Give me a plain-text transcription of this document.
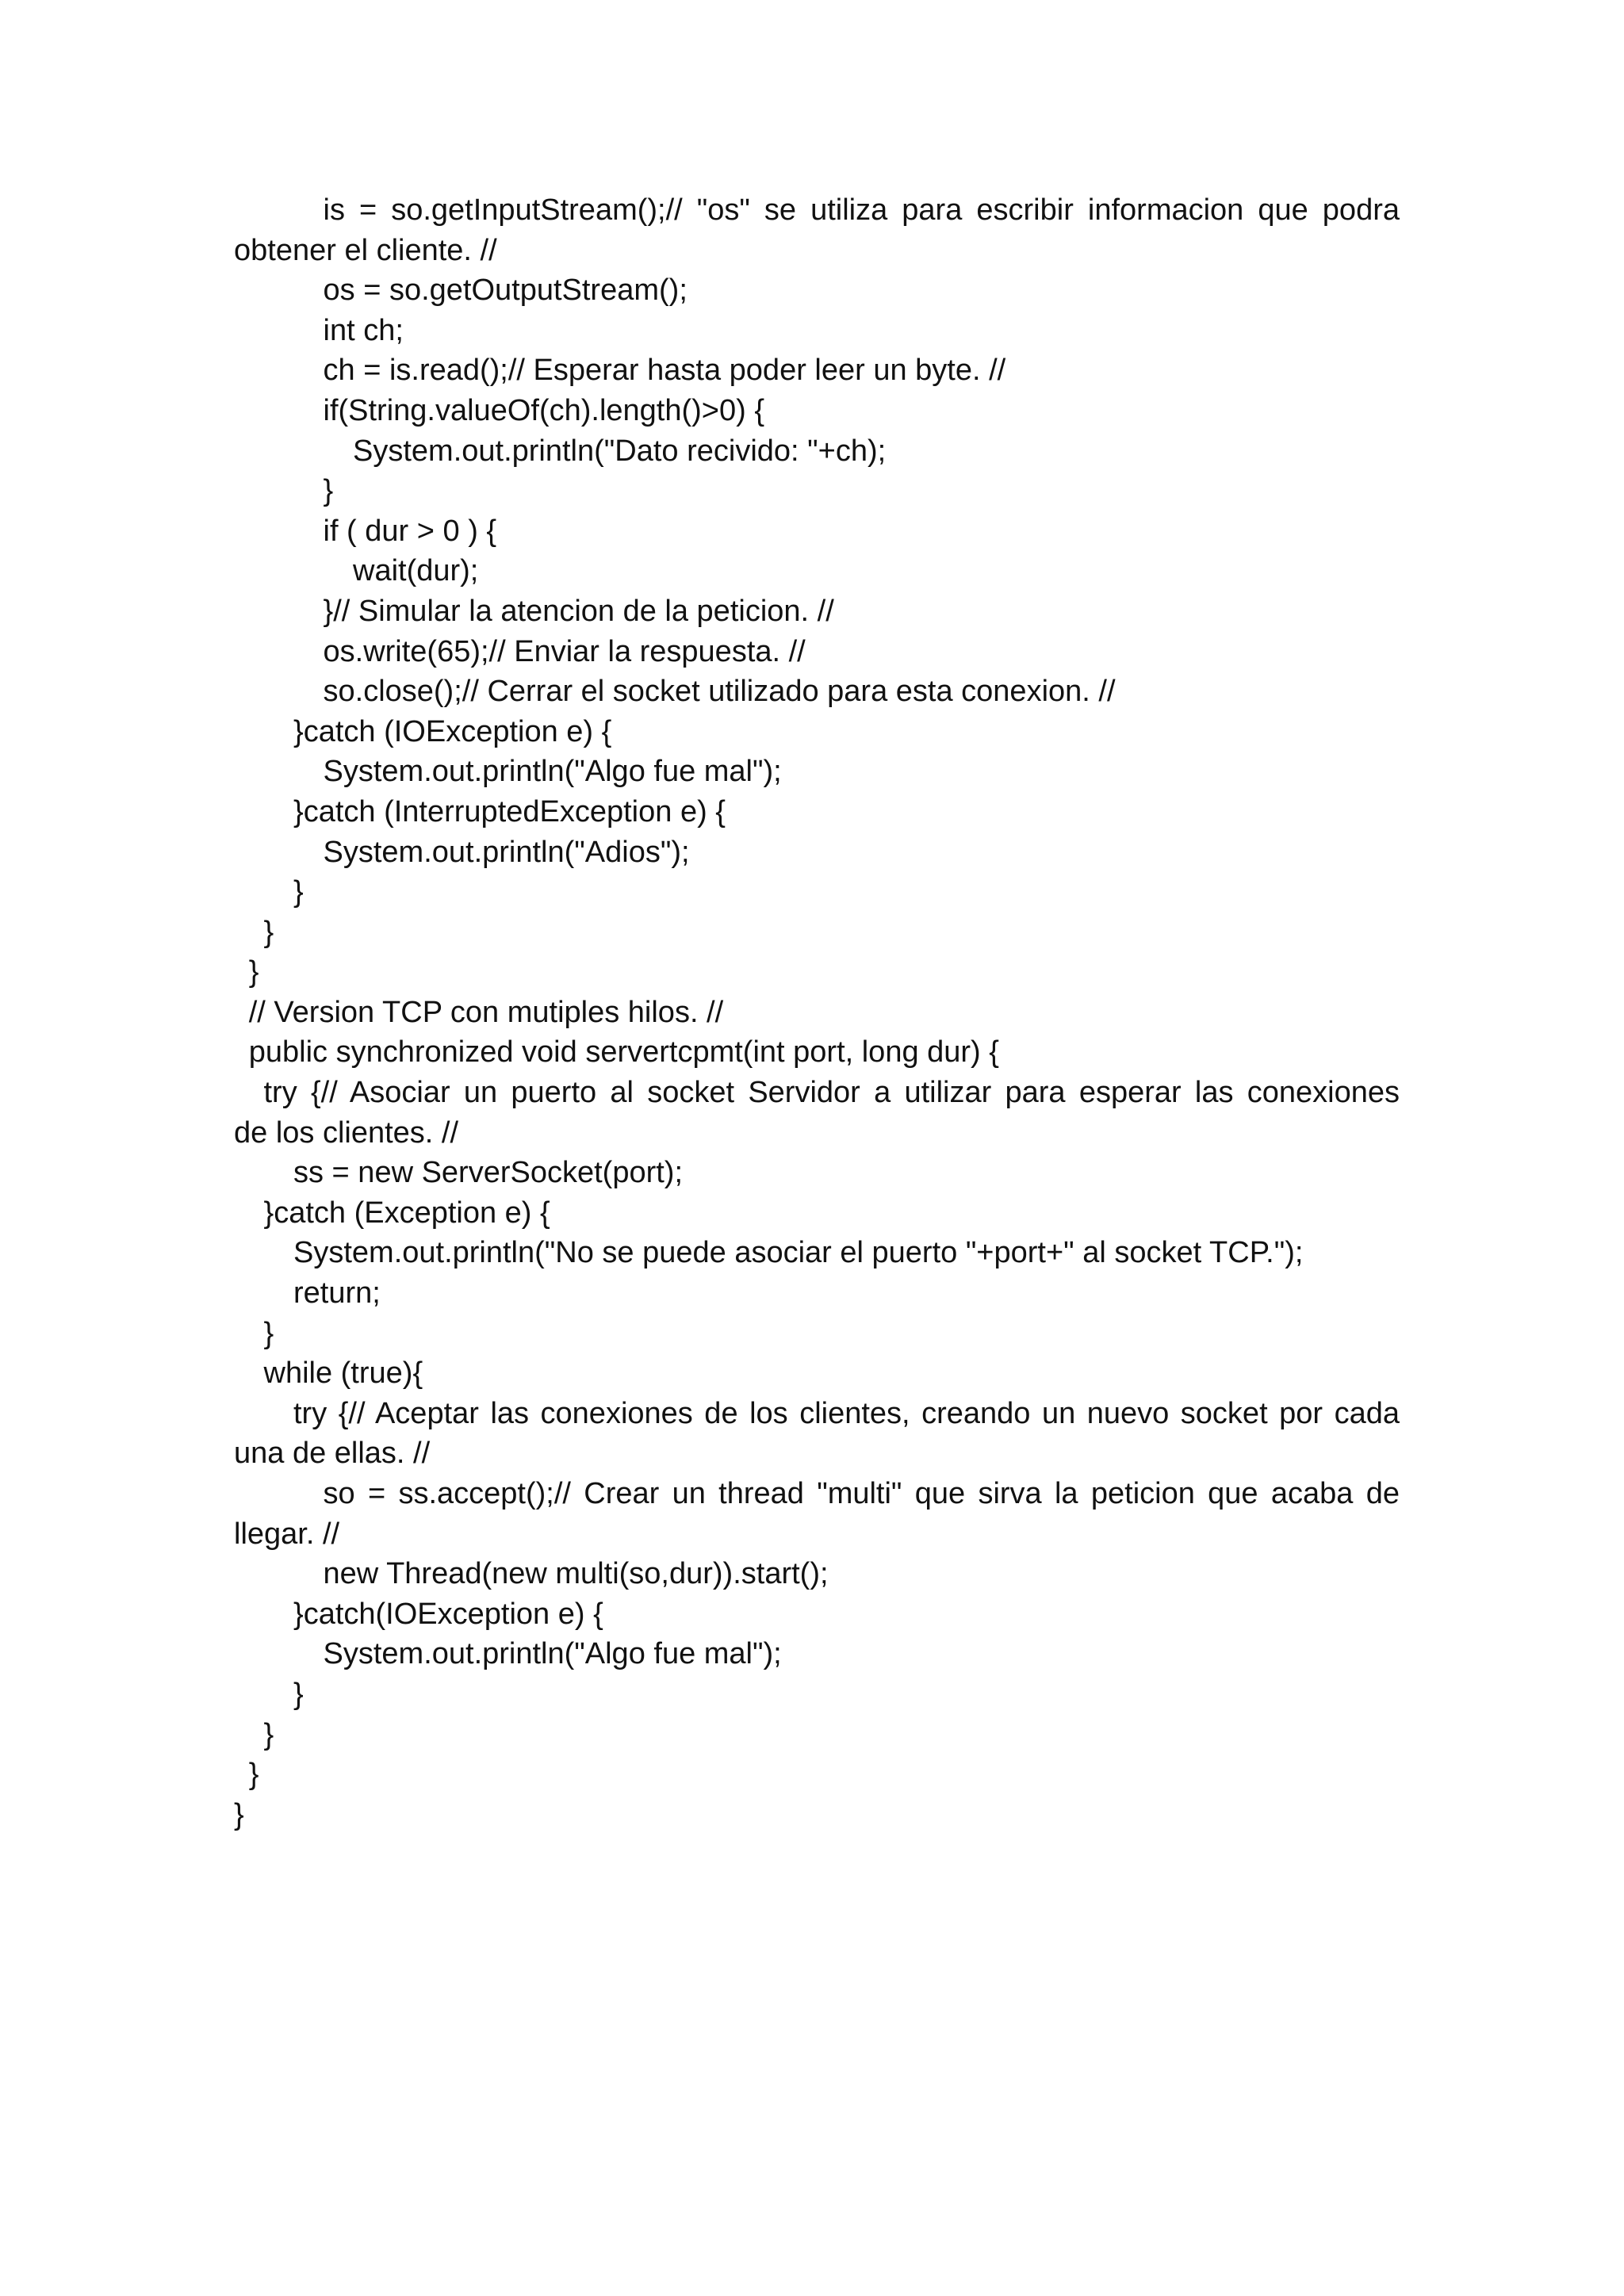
is = so.getInputStream();// "os" se utiliza para escribir informacion que podra
obtener el cliente. //
os = so.getOutputStream();
int ch;
ch = is.read();// Esperar hasta poder leer un byte. //
if(String.valueOf(ch).length()>0) {
System.out.println("Dato recivido: "+ch);
}
if ( dur > 0 ) {
wait(dur);
}// Simular la atencion de la peticion. //
os.write(65);// Enviar la respuesta. //
so.close();// Cerrar el socket utilizado para esta conexion. //
}catch (IOException e) {
System.out.println("Algo fue mal");
}catch (InterruptedException e) {
System.out.println("Adios");
}
}
}
// Version TCP con mutiples hilos. //
public synchronized void servertcpmt(int port, long dur) {
try {// Asociar un puerto al socket Servidor a utilizar para esperar las conexiones
de los clientes. //
ss = new ServerSocket(port);
}catch (Exception e) {
System.out.println("No se puede asociar el puerto "+port+" al socket TCP.");
return;
}
while (true){
try {// Aceptar las conexiones de los clientes, creando un nuevo socket por cada
una de ellas. //
so = ss.accept();// Crear un thread "multi" que sirva la peticion que acaba de
llegar. //
new Thread(new multi(so,dur)).start();
}catch(IOException e) {
System.out.println("Algo fue mal");
}
}
}
}
